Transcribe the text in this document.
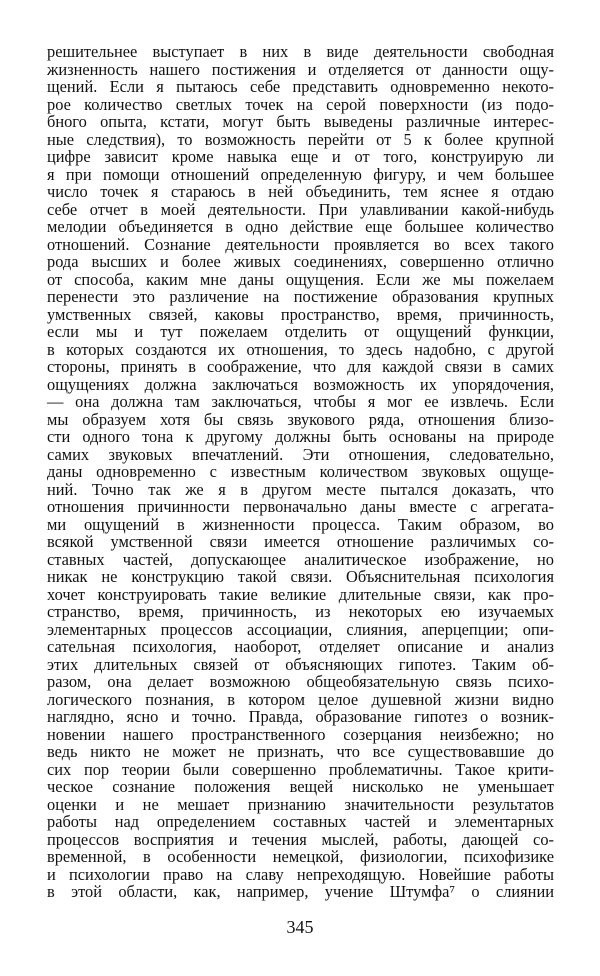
решительнее выступает в них в виде деятельности свободная
жизненность нашего постижения и отделяется от данности ощу-
щений. Если я пытаюсь себе представить одновременно некото-
рое количество светлых точек на серой поверхности (из подо-
бного опыта, кстати, могут быть выведены различные интерес-
ные следствия), то возможность перейти от 5 к более крупной
цифре зависит кроме навыка еще и от того, конструирую ли
я при помощи отношений определенную фигуру, и чем большее
число точек я стараюсь в ней объединить, тем яснее я отдаю
себе отчет в моей деятельности. При улавливании какой-нибудь
мелодии объединяется в одно действие еще большее количество
отношений. Сознание деятельности проявляется во всех такого
рода высших и более живых соединениях, совершенно отлично
от способа, каким мне даны ощущения. Если же мы пожелаем
перенести это различение на постижение образования крупных
умственных связей, каковы пространство, время, причинность,
если мы и тут пожелаем отделить от ощущений функции,
в которых создаются их отношения, то здесь надобно, с другой
стороны, принять в соображение, что для каждой связи в самих
ощущениях должна заключаться возможность их упорядочения,
— она должна там заключаться, чтобы я мог ее извлечь. Если
мы образуем хотя бы связь звукового ряда, отношения близо-
сти одного тона к другому должны быть основаны на природе
самих звуковых впечатлений. Эти отношения, следовательно,
даны одновременно с известным количеством звуковых ощуще-
ний. Точно так же я в другом месте пытался доказать, что
отношения причинности первоначально даны вместе с агрегата-
ми ощущений в жизненности процесса. Таким образом, во
всякой умственной связи имеется отношение различимых со-
ставных частей, допускающее аналитическое изображение, но
никак не конструкцию такой связи. Объяснительная психология
хочет конструировать такие великие длительные связи, как про-
странство, время, причинность, из некоторых ею изучаемых
элементарных процессов ассоциации, слияния, аперцепции; опи-
сательная психология, наоборот, отделяет описание и анализ
этих длительных связей от объясняющих гипотез. Таким об-
разом, она делает возможною общеобязательную связь психо-
логического познания, в котором целое душевной жизни видно
наглядно, ясно и точно. Правда, образование гипотез о возник-
новении нашего пространственного созерцания неизбежно; но
ведь никто не может не признать, что все существовавшие до
сих пор теории были совершенно проблематичны. Такое крити-
ческое сознание положения вещей нисколько не уменьшает
оценки и не мешает признанию значительности результатов
работы над определением составных частей и элементарных
процессов восприятия и течения мыслей, работы, дающей со-
временной, в особенности немецкой, физиологии, психофизике
и психологии право на славу непреходящую. Новейшие работы
в этой области, как, например, учение Штумфа⁷ о слиянии
345
